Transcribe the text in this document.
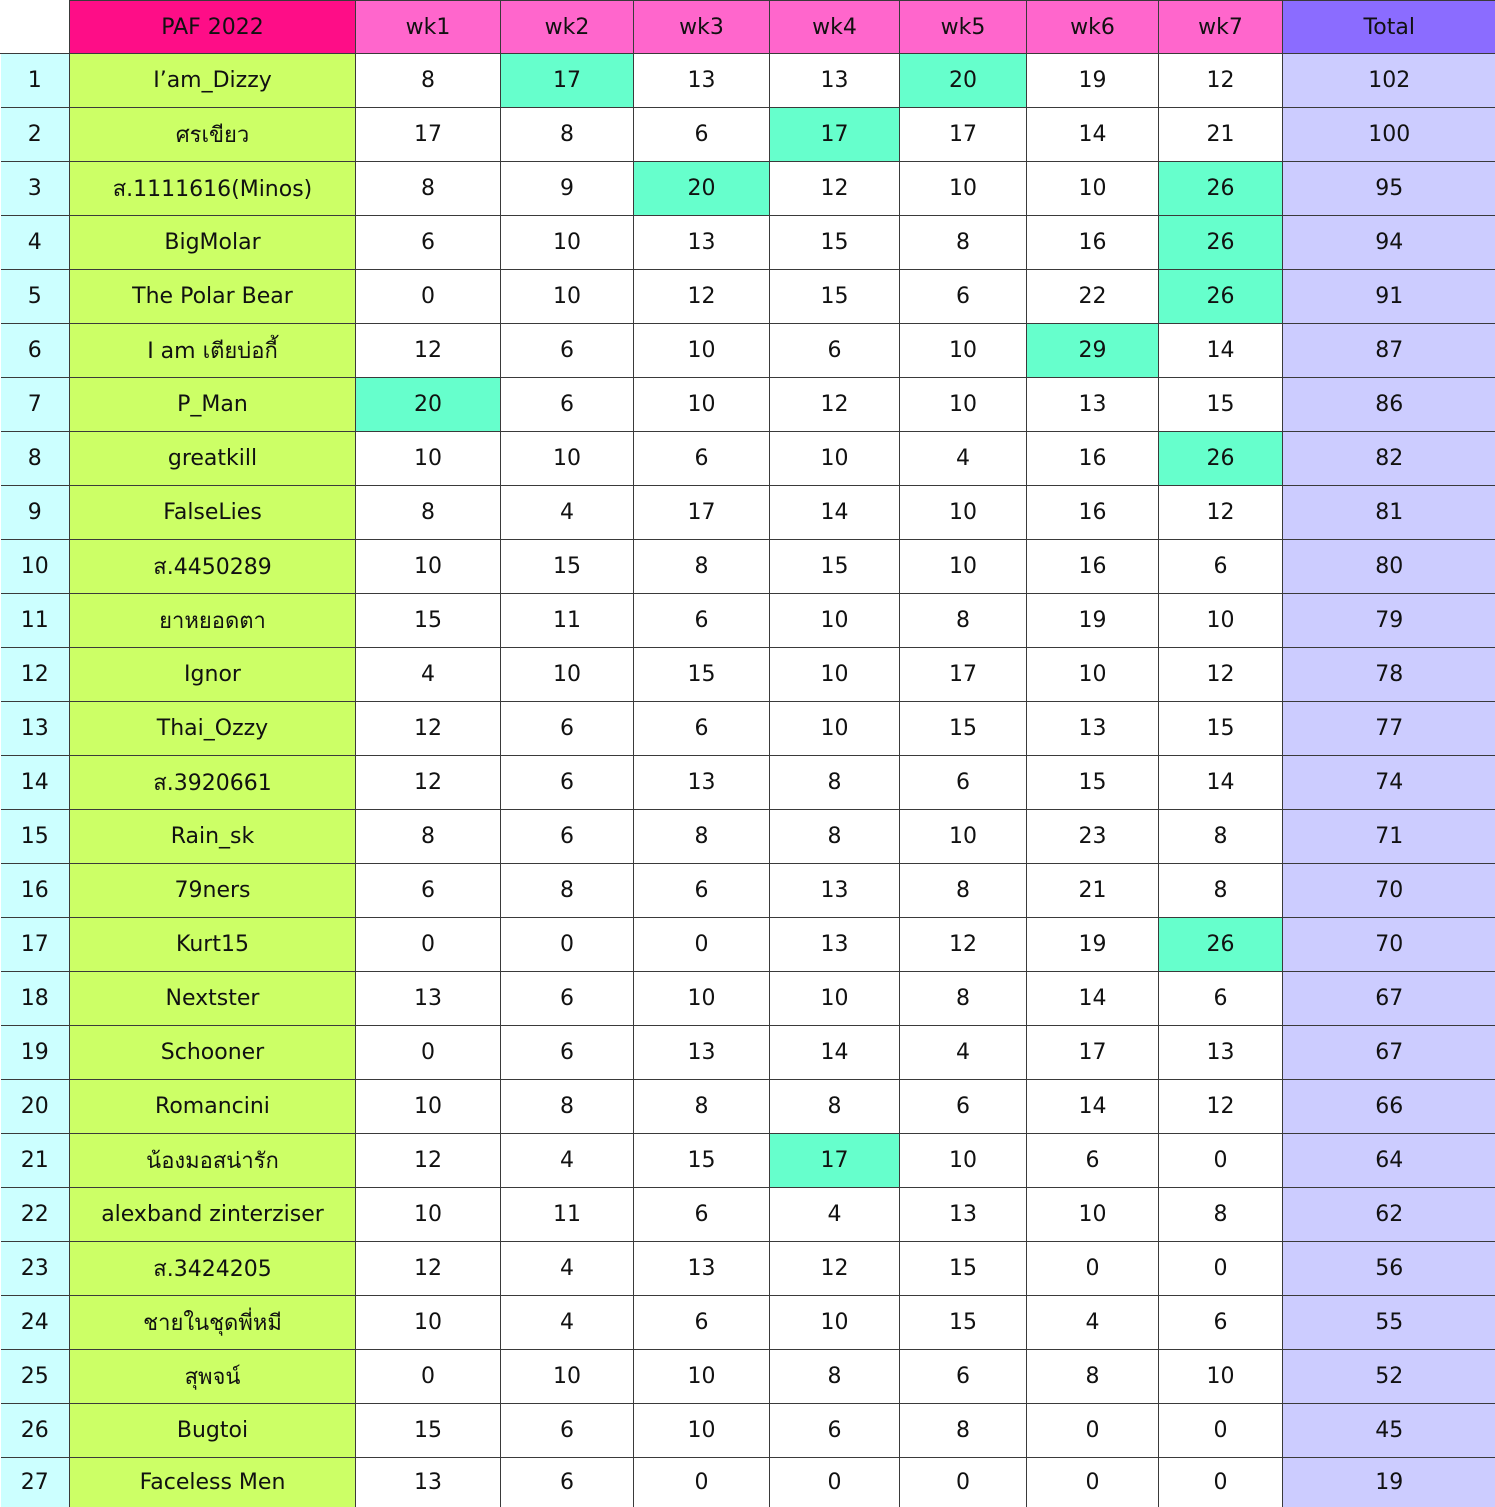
	PAF 2022	wk1	wk2	wk3	wk4	wk5	wk6	wk7	Total
1	I’am_Dizzy	8	17	13	13	20	19	12	102
2	ศรเขียว	17	8	6	17	17	14	21	100
3	ส.1111616(Minos)	8	9	20	12	10	10	26	95
4	BigMolar	6	10	13	15	8	16	26	94
5	The Polar Bear	0	10	12	15	6	22	26	91
6	I am เตียบ่อกี้	12	6	10	6	10	29	14	87
7	P_Man	20	6	10	12	10	13	15	86
8	greatkill	10	10	6	10	4	16	26	82
9	FalseLies	8	4	17	14	10	16	12	81
10	ส.4450289	10	15	8	15	10	16	6	80
11	ยาหยอดตา	15	11	6	10	8	19	10	79
12	Ignor	4	10	15	10	17	10	12	78
13	Thai_Ozzy	12	6	6	10	15	13	15	77
14	ส.3920661	12	6	13	8	6	15	14	74
15	Rain_sk	8	6	8	8	10	23	8	71
16	79ners	6	8	6	13	8	21	8	70
17	Kurt15	0	0	0	13	12	19	26	70
18	Nextster	13	6	10	10	8	14	6	67
19	Schooner	0	6	13	14	4	17	13	67
20	Romancini	10	8	8	8	6	14	12	66
21	น้องมอสน่ารัก	12	4	15	17	10	6	0	64
22	alexband zinterziser	10	11	6	4	13	10	8	62
23	ส.3424205	12	4	13	12	15	0	0	56
24	ชายในชุดพี่หมี	10	4	6	10	15	4	6	55
25	สุพจน์	0	10	10	8	6	8	10	52
26	Bugtoi	15	6	10	6	8	0	0	45
27	Faceless Men	13	6	0	0	0	0	0	19
